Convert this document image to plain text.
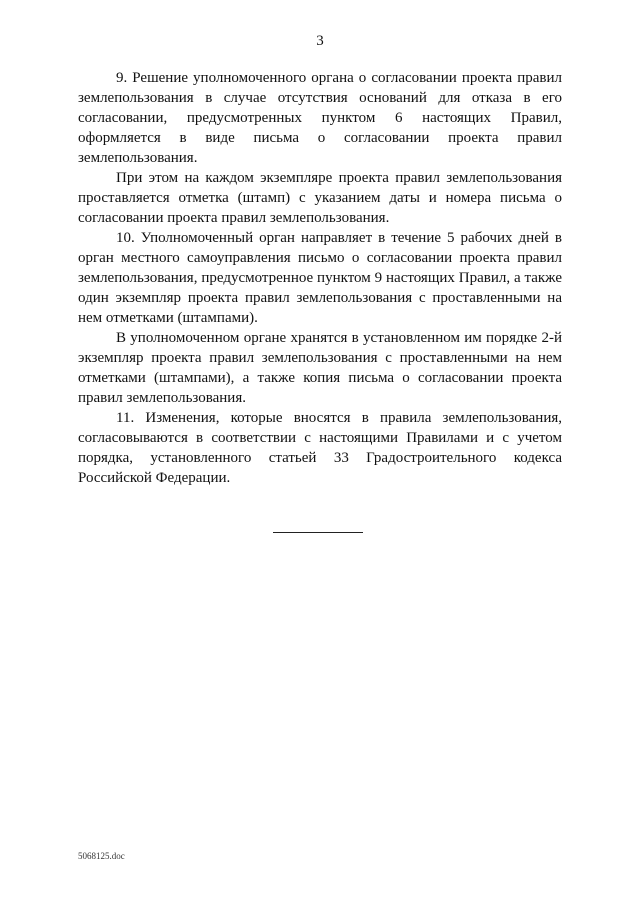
3

9. Решение уполномоченного органа о согласовании проекта правил землепользования в случае отсутствия оснований для отказа в его согласовании, предусмотренных пунктом 6 настоящих Правил, оформляется в виде письма о согласовании проекта правил землепользования.

При этом на каждом экземпляре проекта правил землепользования проставляется отметка (штамп) с указанием даты и номера письма о согласовании проекта правил землепользования.

10. Уполномоченный орган направляет в течение 5 рабочих дней в орган местного самоуправления письмо о согласовании проекта правил землепользования, предусмотренное пунктом 9 настоящих Правил, а также один экземпляр проекта правил землепользования с проставленными на нем отметками (штампами).

В уполномоченном органе хранятся в установленном им порядке 2-й экземпляр проекта правил землепользования с проставленными на нем отметками (штампами), а также копия письма о согласовании проекта правил землепользования.

11. Изменения, которые вносятся в правила землепользования, согласовываются в соответствии с настоящими Правилами и с учетом порядка, установленного статьей 33 Градостроительного кодекса Российской Федерации.

5068125.doc
